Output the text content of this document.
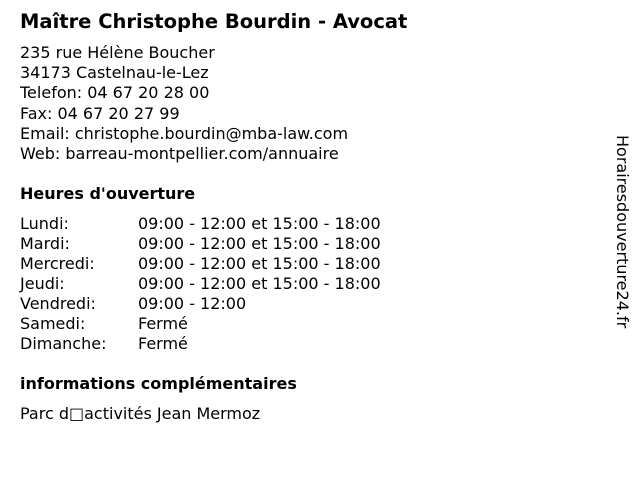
Maître Christophe Bourdin - Avocat
235 rue Hélène Boucher
34173 Castelnau-le-Lez
Telefon: 04 67 20 28 00
Fax: 04 67 20 27 99
Email: christophe.bourdin@mba-law.com
Web: barreau-montpellier.com/annuaire
Heures d'ouverture
Lundi:	09:00 - 12:00 et 15:00 - 18:00
Mardi:	09:00 - 12:00 et 15:00 - 18:00
Mercredi:	09:00 - 12:00 et 15:00 - 18:00
Jeudi:	09:00 - 12:00 et 15:00 - 18:00
Vendredi:	09:00 - 12:00
Samedi:	Fermé
Dimanche: Fermé
informations complémentaires
Parc d□activités Jean Mermoz
Horairesdouverture24.fr
